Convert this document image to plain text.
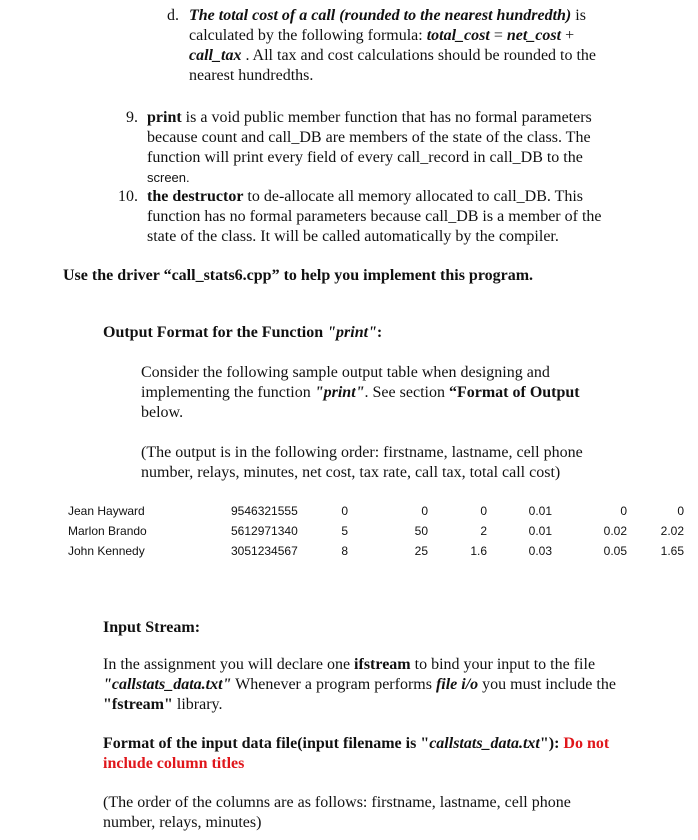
d. The total cost of a call (rounded to the nearest hundredth) is
calculated by the following formula: total_cost = net_cost +
call_tax . All tax and cost calculations should be rounded to the
nearest hundredths.
9. print is a void public member function that has no formal parameters
because count and call_DB are members of the state of the class. The
function will print every field of every call_record in call_DB to the
screen.
10. the destructor to de-allocate all memory allocated to call_DB. This
function has no formal parameters because call_DB is a member of the
state of the class. It will be called automatically by the compiler.
Use the driver “call_stats6.cpp” to help you implement this program.
Output Format for the Function "print":
Consider the following sample output table when designing and
implementing the function "print". See section “Format of Output
below.
(The output is in the following order: firstname, lastname, cell phone
number, relays, minutes, net cost, tax rate, call tax, total call cost)
Jean Hayward	9546321555	0	0	0	0.01	0	0
Marlon Brando	5612971340	5	50	2	0.01	0.02	2.02
John Kennedy	3051234567	8	25	1.6	0.03	0.05	1.65
Input Stream:
In the assignment you will declare one ifstream to bind your input to the file
"callstats_data.txt" Whenever a program performs file i/o you must include the
"fstream" library.
Format of the input data file(input filename is "callstats_data.txt"): Do not
include column titles
(The order of the columns are as follows: firstname, lastname, cell phone
number, relays, minutes)
